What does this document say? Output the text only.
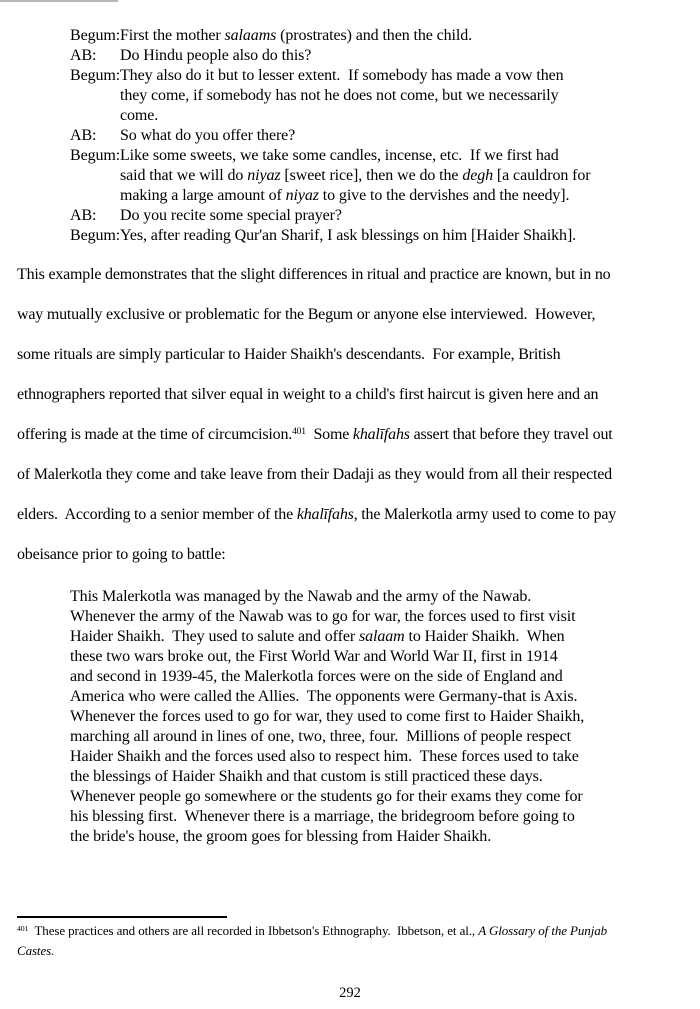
Begum:First the mother salaams (prostrates) and then the child.
AB: Do Hindu people also do this?
Begum:They also do it but to lesser extent.  If somebody has made a vow then
they come, if somebody has not he does not come, but we necessarily
come.
AB: So what do you offer there?
Begum:Like some sweets, we take some candles, incense, etc.  If we first had
said that we will do niyaz [sweet rice], then we do the degh [a cauldron for
making a large amount of niyaz to give to the dervishes and the needy].
AB: Do you recite some special prayer?
Begum:Yes, after reading Qur'an Sharif, I ask blessings on him [Haider Shaikh].
This example demonstrates that the slight differences in ritual and practice are known, but in no
way mutually exclusive or problematic for the Begum or anyone else interviewed.  However,
some rituals are simply particular to Haider Shaikh's descendants.  For example, British
ethnographers reported that silver equal in weight to a child's first haircut is given here and an
offering is made at the time of circumcision.$^{401}$  Some khalīfahs assert that before they travel out
of Malerkotla they come and take leave from their Dadaji as they would from all their respected
elders.  According to a senior member of the khalīfahs, the Malerkotla army used to come to pay
obeisance prior to going to battle:
This Malerkotla was managed by the Nawab and the army of the Nawab.
Whenever the army of the Nawab was to go for war, the forces used to first visit
Haider Shaikh.  They used to salute and offer salaam to Haider Shaikh.  When
these two wars broke out, the First World War and World War II, first in 1914
and second in 1939-45, the Malerkotla forces were on the side of England and
America who were called the Allies.  The opponents were Germany-that is Axis.
Whenever the forces used to go for war, they used to come first to Haider Shaikh,
marching all around in lines of one, two, three, four.  Millions of people respect
Haider Shaikh and the forces used also to respect him.  These forces used to take
the blessings of Haider Shaikh and that custom is still practiced these days.
Whenever people go somewhere or the students go for their exams they come for
his blessing first.  Whenever there is a marriage, the bridegroom before going to
the bride's house, the groom goes for blessing from Haider Shaikh.
$^{401}$  These practices and others are all recorded in Ibbetson's Ethnography.  Ibbetson, et al., A Glossary of the Punjab
Castes.
292
